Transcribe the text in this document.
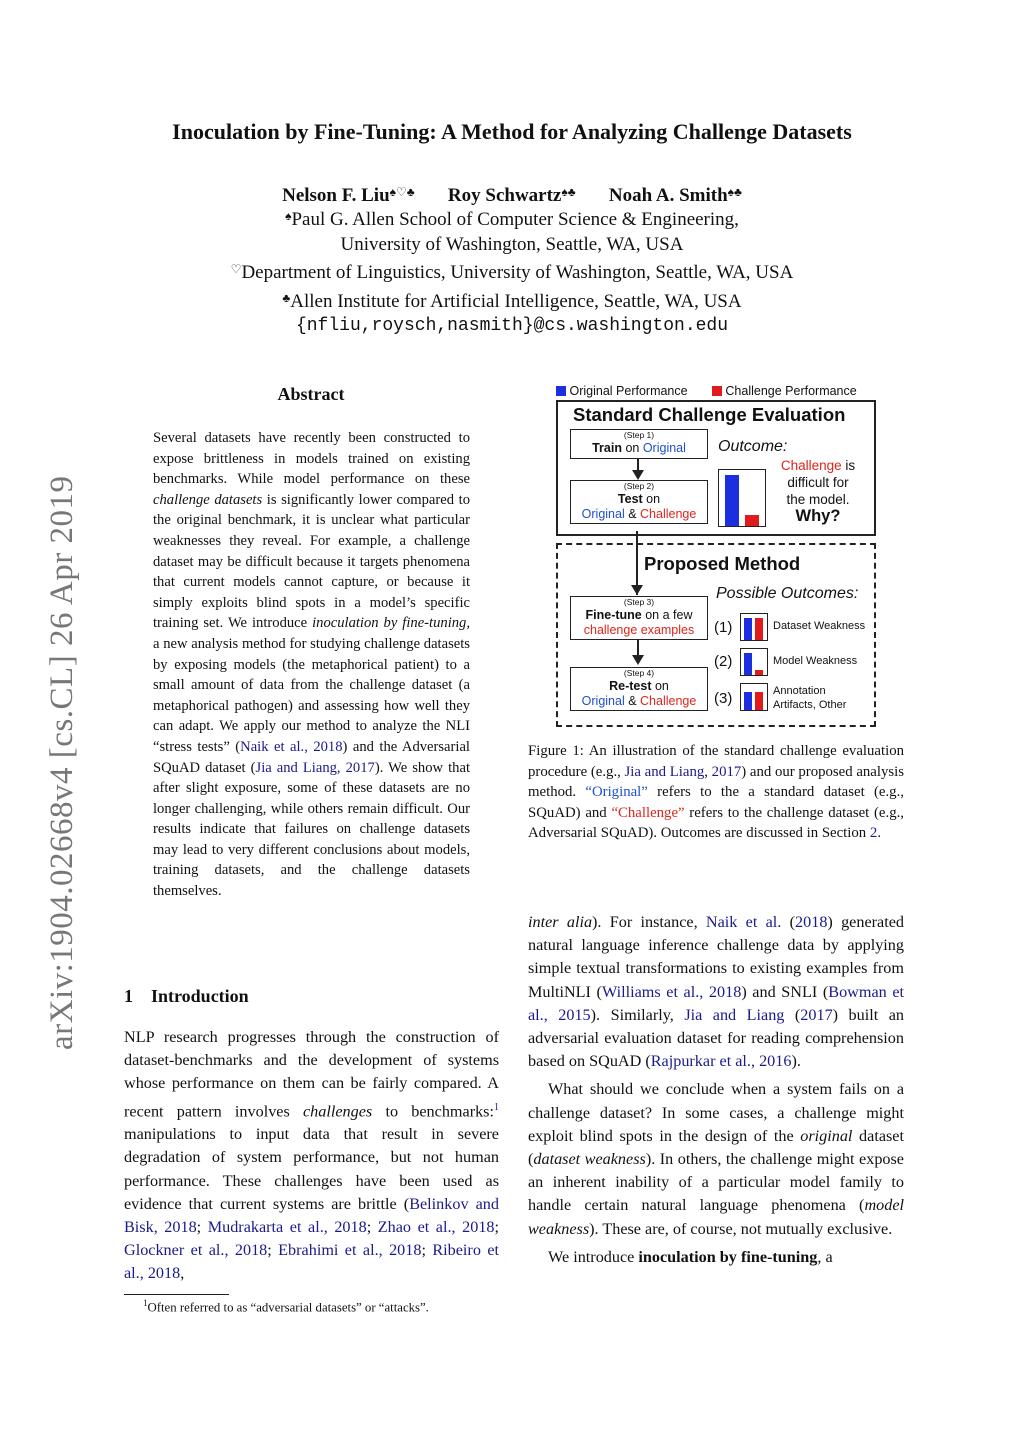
arXiv:1904.02668v4 [cs.CL] 26 Apr 2019
Inoculation by Fine-Tuning: A Method for Analyzing Challenge Datasets
Nelson F. Liu♠♡♣ Roy Schwartz♠♣ Noah A. Smith♠♣
♠Paul G. Allen School of Computer Science & Engineering,
University of Washington, Seattle, WA, USA
♡Department of Linguistics, University of Washington, Seattle, WA, USA
♣Allen Institute for Artificial Intelligence, Seattle, WA, USA
{nfliu,roysch,nasmith}@cs.washington.edu
Abstract
Several datasets have recently been constructed to expose brittleness in models trained on existing benchmarks. While model performance on these challenge datasets is significantly lower compared to the original benchmark, it is unclear what particular weaknesses they reveal. For example, a challenge dataset may be difficult because it targets phenomena that current models cannot capture, or because it simply exploits blind spots in a model’s specific training set. We introduce inoculation by fine-tuning, a new analysis method for studying challenge datasets by exposing models (the metaphorical patient) to a small amount of data from the challenge dataset (a metaphorical pathogen) and assessing how well they can adapt. We apply our method to analyze the NLI “stress tests” (Naik et al., 2018) and the Adversarial SQuAD dataset (Jia and Liang, 2017). We show that after slight exposure, some of these datasets are no longer challenging, while others remain difficult. Our results indicate that failures on challenge datasets may lead to very different conclusions about models, training datasets, and the challenge datasets themselves.
1 Introduction
NLP research progresses through the construction of dataset-benchmarks and the development of systems whose performance on them can be fairly compared. A recent pattern involves challenges to benchmarks:$^1$ manipulations to input data that result in severe degradation of system performance, but not human performance. These challenges have been used as evidence that current systems are brittle (Belinkov and Bisk, 2018; Mudrakarta et al., 2018; Zhao et al., 2018; Glockner et al., 2018; Ebrahimi et al., 2018; Ribeiro et al., 2018,
$^1$Often referred to as “adversarial datasets” or “attacks”.
Original Performance	Challenge Performance
Standard Challenge Evaluation
(Step 1)
Train on Original
(Step 2)
Test on
Original & Challenge
Outcome:
Challenge is
difficult for
the model.
Why?
Proposed Method
(Step 3)
Fine-tune on a few
challenge examples
(Step 4)
Re-test on
Original & Challenge
Possible Outcomes:
(1)	Dataset Weakness
(2)	Model Weakness
(3)	Annotation
Artifacts, Other
Figure 1: An illustration of the standard challenge evaluation procedure (e.g., Jia and Liang, 2017) and our proposed analysis method. “Original” refers to the a standard dataset (e.g., SQuAD) and “Challenge” refers to the challenge dataset (e.g., Adversarial SQuAD). Outcomes are discussed in Section 2.

inter alia). For instance, Naik et al. (2018) generated natural language inference challenge data by applying simple textual transformations to existing examples from MultiNLI (Williams et al., 2018) and SNLI (Bowman et al., 2015). Similarly, Jia and Liang (2017) built an adversarial evaluation dataset for reading comprehension based on SQuAD (Rajpurkar et al., 2016).

What should we conclude when a system fails on a challenge dataset? In some cases, a challenge might exploit blind spots in the design of the original dataset (dataset weakness). In others, the challenge might expose an inherent inability of a particular model family to handle certain natural language phenomena (model weakness). These are, of course, not mutually exclusive.

We introduce inoculation by fine-tuning, a
